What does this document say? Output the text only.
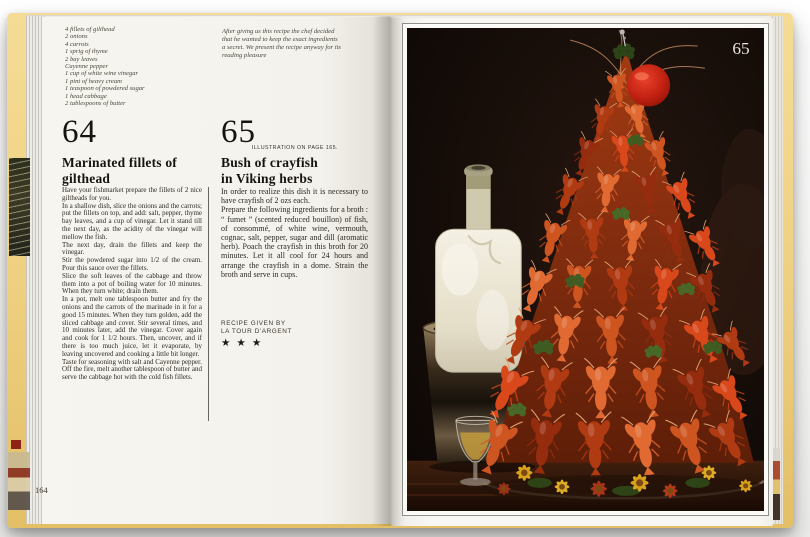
4 fillets of gilthead
2 onions
4 carrots
1 sprig of thyme
2 bay leaves
Cayenne pepper
1 cup of white wine vinegar
1 pint of heavy cream
1 teaspoon of powdered sugar
1 head cabbage
2 tablespoons of butter
After giving us this recipe the chef decided that he wanted to keep the exact ingredients a secret. We present the recipe anyway for its reading pleasure
64
Marinated fillets of gilthead

Have your fishmarket prepare the fillets of 2 nice giltheads for you.

In a shallow dish, slice the onions and the carrots; put the fillets on top, and add: salt, pepper, thyme bay leaves, and a cup of vinegar. Let it stand till the next day, as the acidity of the vinegar will mellow the fish.

The next day, drain the fillets and keep the vinegar.

Stir the powdered sugar into 1/2 of the cream. Pour this sauce over the fillets.

Slice the soft leaves of the cabbage and throw them into a pot of boiling water for 10 minutes. When they turn white; drain them.

In a pot, melt one tablespoon butter and fry the onions and the carrots of the marinade in it for a good 15 minutes. When they turn golden, add the sliced cabbage and cover. Stir several times, and 10 minutes later, add the vinegar. Cover again and cook for 1 1/2 hours. Then, uncover, and if there is too much juice, let it evaporate, by leaving uncovered and cooking a little bit longer.

Taste for seasoning with salt and Cayenne pepper.

Off the fire, melt another tablespoon of butter and serve the cabbage hot with the cold fish fillets.

65
ILLUSTRATION ON PAGE 165.
Bush of crayfish
in Viking herbs

In order to realize this dish it is necessary to have crayfish of 2 ozs each.

Prepare the following ingredients for a broth : “ fumet ” (scented reduced bouillon) of fish, of consommé, of white wine, vermouth, cognac, salt, pepper, sugar and dill (aromatic herb). Poach the crayfish in this broth for 20 minutes. Let it all cool for 24 hours and arrange the crayfish in a dome. Strain the broth and serve in cups.

RECIPE GIVEN BY
LA TOUR D'ARGENT
★★★
164
65
